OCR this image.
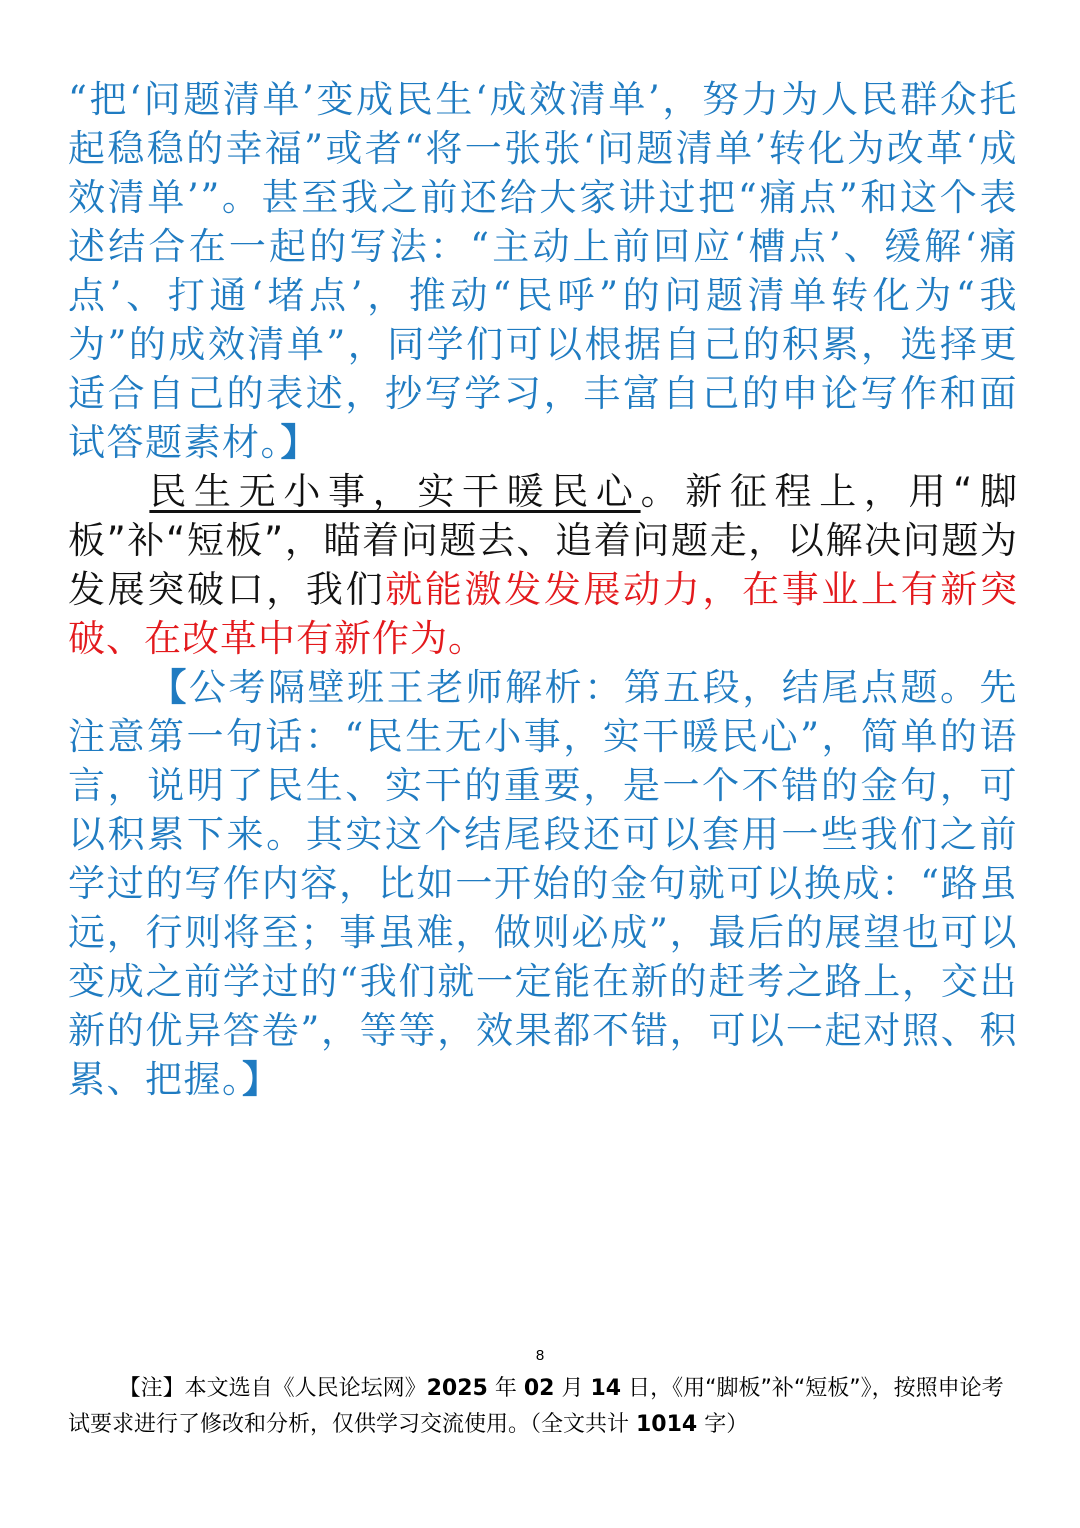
“把‘问题清单’变成民生‘成效清单’，努力为人民群众托起稳稳的幸福”或者“将一张张‘问题清单’转化为改革‘成效清单’”。甚至我之前还给大家讲过把“痛点”和这个表述结合在一起的写法：“主动上前回应‘槽点’、缓解‘痛点’、打通‘堵点’，推动“民呼”的问题清单转化为“我为”的成效清单”，同学们可以根据自己的积累，选择更适合自己的表述，抄写学习，丰富自己的申论写作和面试答题素材。】

民生无小事，实干暖民心。新征程上，用“脚板”补“短板”，瞄着问题去、追着问题走，以解决问题为发展突破口，我们就能激发发展动力，在事业上有新突破、在改革中有新作为。

【公考隔壁班王老师解析：第五段，结尾点题。先注意第一句话：“民生无小事，实干暖民心”，简单的语言，说明了民生、实干的重要，是一个不错的金句，可以积累下来。其实这个结尾段还可以套用一些我们之前学过的写作内容，比如一开始的金句就可以换成：“路虽远，行则将至；事虽难，做则必成”，最后的展望也可以变成之前学过的“我们就一定能在新的赶考之路上，交出新的优异答卷”，等等，效果都不错，可以一起对照、积累、把握。】

8

【注】本文选自《人民论坛网》2025 年 02 月 14 日，《用“脚板”补“短板”》，按照申论考试要求进行了修改和分析，仅供学习交流使用。（全文共计 1014 字）
